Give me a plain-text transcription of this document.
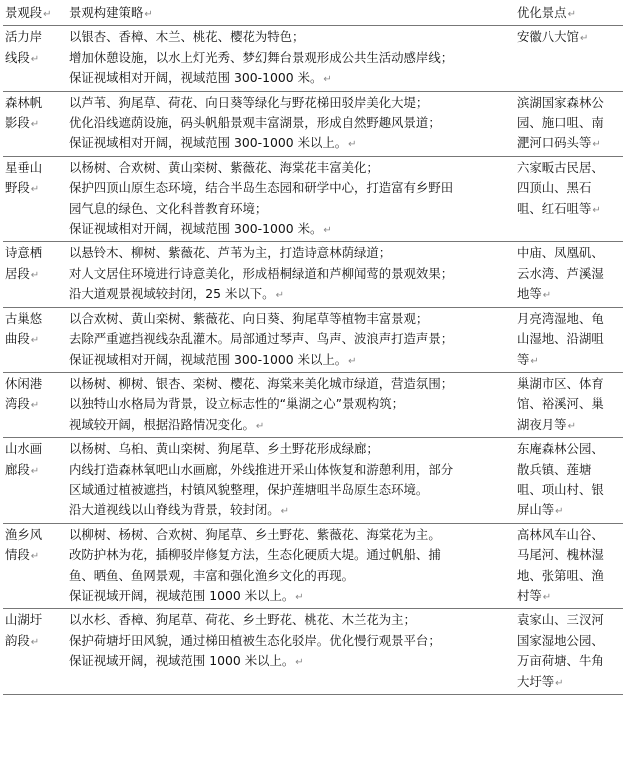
景观段↵	景观构建策略↵	优化景点↵

活力岸
线段↵	以银杏、香樟、木兰、桃花、樱花为特色；
增加休憩设施，以水上灯光秀、梦幻舞台景观形成公共生活动感岸线；
保证视域相对开阔，视域范围 300-1000 米。↵	安徽八大馆↵

森林帆
影段↵	以芦苇、狗尾草、荷花、向日葵等绿化与野花梯田驳岸美化大堤；
优化沿线遮荫设施，码头帆船景观丰富湖景，形成自然野趣风景道；
保证视域相对开阔，视域范围 300-1000 米以上。↵	滨湖国家森林公
园、施口咀、南
淝河口码头等↵

星垂山
野段↵	以杨树、合欢树、黄山栾树、紫薇花、海棠花丰富美化；
保护四顶山原生态环境，结合半岛生态园和研学中心，打造富有乡野田
园气息的绿色、文化科普教育环境；
保证视域相对开阔，视域范围 300-1000 米。↵	六家畈古民居、
四顶山、黑石
咀、红石咀等↵

诗意栖
居段↵	以悬铃木、柳树、紫薇花、芦苇为主，打造诗意林荫绿道；
对人文居住环境进行诗意美化，形成梧桐绿道和芦柳闻莺的景观效果；
沿大道观景视域较封闭，25 米以下。↵	中庙、凤凰矶、
云水湾、芦溪湿
地等↵

古巢悠
曲段↵	以合欢树、黄山栾树、紫薇花、向日葵、狗尾草等植物丰富景观；
去除严重遮挡视线杂乱灌木。局部通过琴声、鸟声、波浪声打造声景；
保证视域相对开阔，视域范围 300-1000 米以上。↵	月亮湾湿地、龟
山湿地、沿湖咀
等↵

休闲港
湾段↵	以杨树、柳树、银杏、栾树、樱花、海棠来美化城市绿道，营造氛围；
以独特山水格局为背景，设立标志性的“巢湖之心”景观构筑；
视域较开阔，根据沿路情况变化。↵	巢湖市区、体育
馆、裕溪河、巢
湖夜月等↵

山水画
廊段↵	以杨树、乌桕、黄山栾树、狗尾草、乡土野花形成绿廊；
内线打造森林氧吧山水画廊，外线推进开采山体恢复和游憩利用，部分
区域通过植被遮挡，村镇风貌整理，保护莲塘咀半岛原生态环境。
沿大道视线以山脊线为背景，较封闭。↵	东庵森林公园、
散兵镇、莲塘
咀、项山村、银
屏山等↵

渔乡风
情段↵	以柳树、杨树、合欢树、狗尾草、乡土野花、紫薇花、海棠花为主。
改防护林为花，插柳驳岸修复方法，生态化硬质大堤。通过帆船、捕
鱼、晒鱼、鱼网景观，丰富和强化渔乡文化的再现。
保证视域开阔，视域范围 1000 米以上。↵	高林风车山谷、
马尾河、槐林湿
地、张第咀、渔
村等↵

山湖圩
韵段↵	以水杉、香樟、狗尾草、荷花、乡土野花、桃花、木兰花为主；
保护荷塘圩田风貌，通过梯田植被生态化驳岸。优化慢行观景平台；
保证视域开阔，视域范围 1000 米以上。↵	袁家山、三汊河
国家湿地公园、
万亩荷塘、牛角
大圩等↵
